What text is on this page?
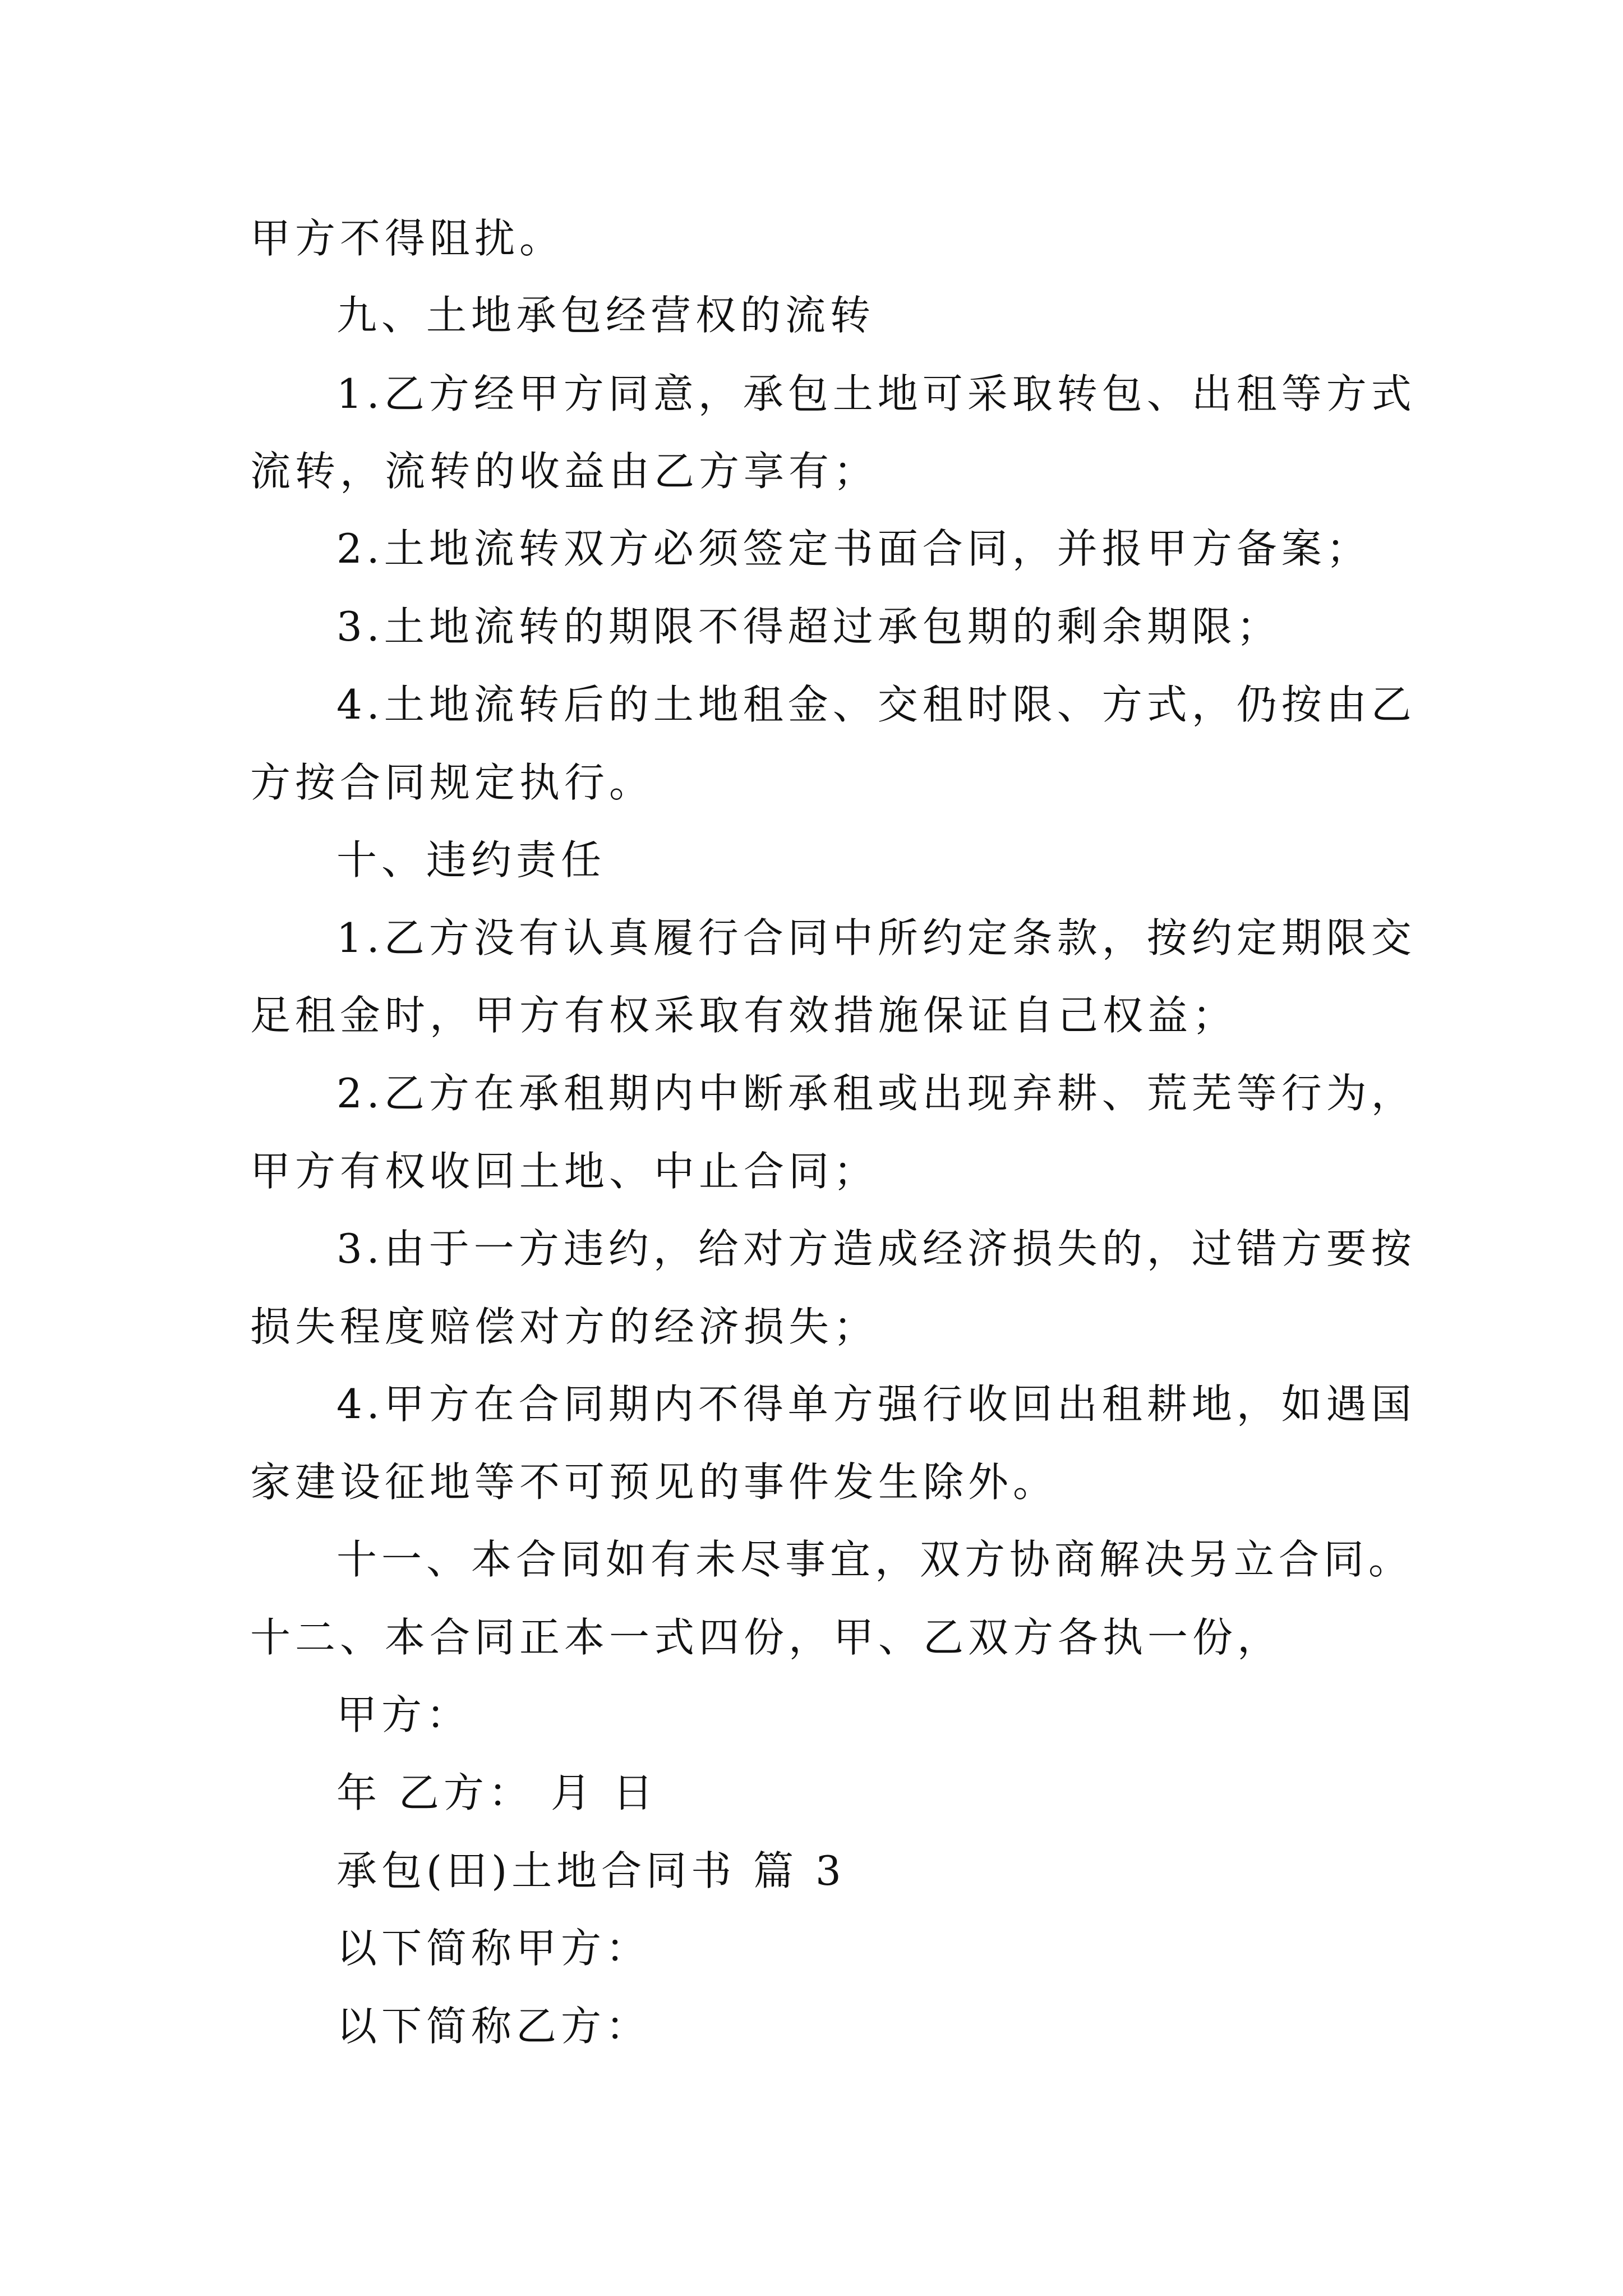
甲方不得阻扰。
九、土地承包经营权的流转
1.乙方经甲方同意，承包土地可采取转包、出租等方式
流转，流转的收益由乙方享有；
2.土地流转双方必须签定书面合同，并报甲方备案；
3.土地流转的期限不得超过承包期的剩余期限；
4.土地流转后的土地租金、交租时限、方式，仍按由乙
方按合同规定执行。
十、违约责任
1.乙方没有认真履行合同中所约定条款，按约定期限交
足租金时，甲方有权采取有效措施保证自己权益；
2.乙方在承租期内中断承租或出现弃耕、荒芜等行为，
甲方有权收回土地、中止合同；
3.由于一方违约，给对方造成经济损失的，过错方要按
损失程度赔偿对方的经济损失；
4.甲方在合同期内不得单方强行收回出租耕地，如遇国
家建设征地等不可预见的事件发生除外。
十一、本合同如有未尽事宜，双方协商解决另立合同。
十二、本合同正本一式四份，甲、乙双方各执一份，
甲方：
年 乙方： 月 日
承包(田)土地合同书 篇 3
以下简称甲方：
以下简称乙方：
